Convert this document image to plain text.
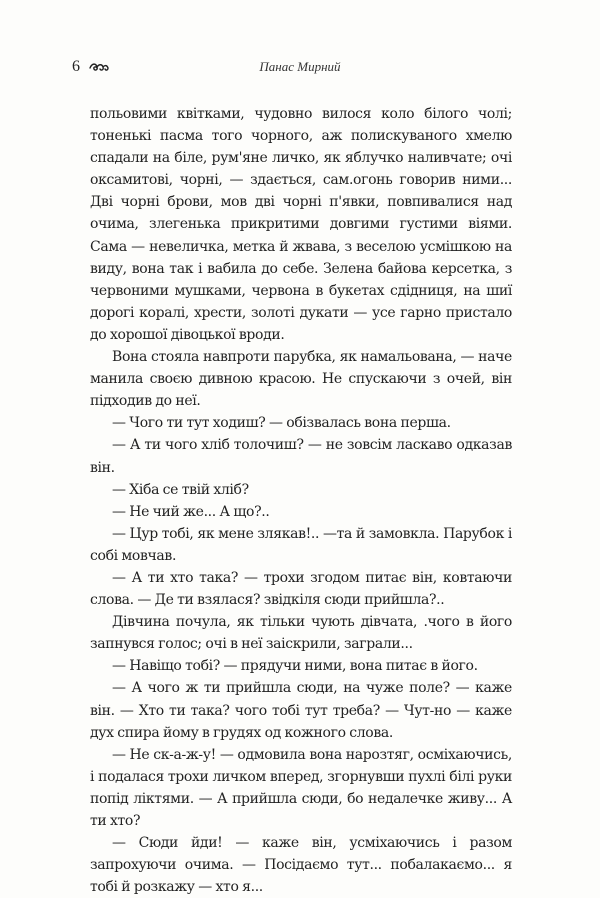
6	Панас Мирний

польовими квітками, чудовно вилося коло білого чолі; тоненькі пасма того чорного, аж полискуваного хмелю спадали на біле, рум'яне личко, як яблучко наливчате; очі оксамитові, чорні, — здається, сам.огонь говорив ними... Дві чорні брови, мов дві чорні п'явки, повпивалися над очима, злегенька прикритими довгими густими віями. Сама — невеличка, метка й жвава, з веселою усмішкою на виду, вона так і вабила до себе. Зелена байова керсетка, з червоними мушками, червона в букетах сдідниця, на шиї дорогі коралі, хрести, золоті дукати — усе гарно пристало до хорошої дівоцької вроди.

Вона стояла навпроти парубка, як намальована, — наче манила своєю дивною красою. Не спускаючи з очей, він підходив до неї.

— Чого ти тут ходиш? — обізвалась вона перша.

— А ти чого хліб толочиш? — не зовсім ласкаво одказав він.

— Хіба се твій хліб?

— Не чий же... А що?..

— Цур тобі, як мене злякав!.. —та й замовкла. Парубок і собі мовчав.

— А ти хто така? — трохи згодом питає він, ковтаючи слова. — Де ти взялася? звідкіля сюди прийшла?..

Дівчина почула, як тільки чують дівчата, .чого в його запнувся голос; очі в неї заіскрили, заграли...

— Навіщо тобі? — прядучи ними, вона питає в його.

— А чого ж ти прийшла сюди, на чуже поле? — каже він. — Хто ти така? чого тобі тут треба? — Чут-но — каже дух спира йому в грудях од кожного слова.

— Не ск-а-ж-у! — одмовила вона нарозтяг, осміхаючись, і подалася трохи личком вперед, згорнувши пухлі білі руки попід ліктями. — А прийшла сюди, бо недалечке живу... А ти хто?

— Сюди йди! — каже він, усміхаючись і разом запрохуючи очима. — Посідаємо тут... побалакаємо... я тобі й розкажу — хто я...
